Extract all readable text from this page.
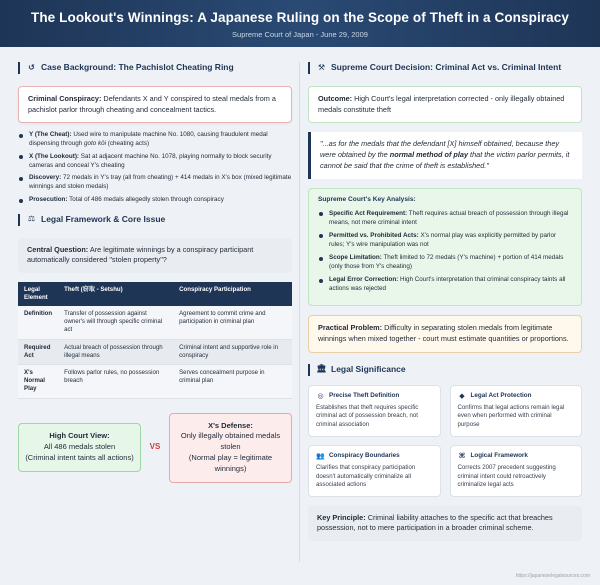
The Lookout's Winnings: A Japanese Ruling on the Scope of Theft in a Conspiracy
Supreme Court of Japan - June 29, 2009
↺ Case Background: The Pachislot Cheating Ring
Criminal Conspiracy: Defendants X and Y conspired to steal medals from a pachislot parlor through cheating and concealment tactics.
Y (The Cheat): Used wire to manipulate machine No. 1080, causing fraudulent medal dispensing through goto kōi (cheating acts)
X (The Lookout): Sat at adjacent machine No. 1078, playing normally to block security cameras and conceal Y's cheating
Discovery: 72 medals in Y's tray (all from cheating) + 414 medals in X's box (mixed legitimate winnings and stolen medals)
Prosecution: Total of 486 medals allegedly stolen through conspiracy
⚖ Legal Framework & Core Issue
Central Question: Are legitimate winnings by a conspiracy participant automatically considered "stolen property"?
Legal Element	Theft (窃取 - Setshu)	Conspiracy Participation
Definition	Transfer of possession against owner's will through specific criminal act	Agreement to commit crime and participation in criminal plan
Required Act	Actual breach of possession through illegal means	Criminal intent and supportive role in conspiracy
X's Normal Play	Follows parlor rules, no possession breach	Serves concealment purpose in criminal plan
High Court View:
All 486 medals stolen
(Criminal intent taints all actions)
VS
X's Defense:
Only illegally obtained medals stolen
(Normal play = legitimate winnings)
⚒ Supreme Court Decision: Criminal Act vs. Criminal Intent
Outcome: High Court's legal interpretation corrected - only illegally obtained medals constitute theft
"...as for the medals that the defendant [X] himself obtained, because they were obtained by the normal method of play that the victim parlor permits, it cannot be said that the crime of theft is established."
Supreme Court's Key Analysis:
Specific Act Requirement: Theft requires actual breach of possession through illegal means, not mere criminal intent
Permitted vs. Prohibited Acts: X's normal play was explicitly permitted by parlor rules; Y's wire manipulation was not
Scope Limitation: Theft limited to 72 medals (Y's machine) + portion of 414 medals (only those from Y's cheating)
Legal Error Correction: High Court's interpretation that criminal conspiracy taints all actions was rejected
Practical Problem: Difficulty in separating stolen medals from legitimate winnings when mixed together - court must estimate quantities or proportions.
🏛 Legal Significance
◎ Precise Theft Definition
Establishes that theft requires specific criminal act of possession breach, not criminal association
◆ Legal Act Protection
Confirms that legal actions remain legal even when performed with criminal purpose
👥 Conspiracy Boundaries
Clarifies that conspiracy participation doesn't automatically criminalize all associated actions
⌘ Logical Framework
Corrects 2007 precedent suggesting criminal intent could retroactively criminalize legal acts
Key Principle: Criminal liability attaches to the specific act that breaches possession, not to mere participation in a broader criminal scheme.
https://japaneselegalsources.com
